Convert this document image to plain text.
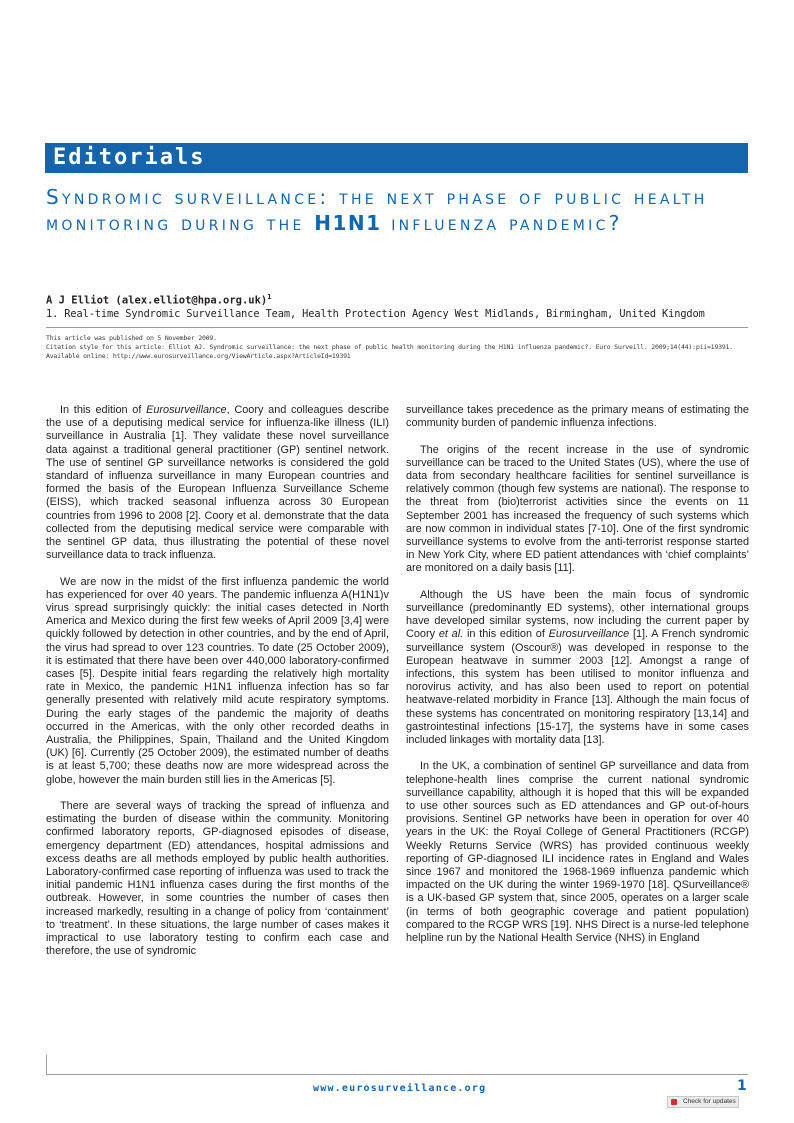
Editorials
Syndromic surveillance: the next phase of public health monitoring during the H1N1 influenza pandemic?

A J Elliot (alex.elliot@hpa.org.uk)$^1$

1. Real-time Syndromic Surveillance Team, Health Protection Agency West Midlands, Birmingham, United Kingdom

This article was published on 5 November 2009.

Citation style for this article: Elliot AJ. Syndromic surveillance: the next phase of public health monitoring during the H1N1 influenza pandemic?. Euro Surveill. 2009;14(44):pii=19391. Available online: http://www.eurosurveillance.org/ViewArticle.aspx?ArticleId=19391

In this edition of Eurosurveillance, Coory and colleagues describe the use of a deputising medical service for influenza-like illness (ILI) surveillance in Australia [1]. They validate these novel surveillance data against a traditional general practitioner (GP) sentinel network. The use of sentinel GP surveillance networks is considered the gold standard of influenza surveillance in many European countries and formed the basis of the European Influenza Surveillance Scheme (EISS), which tracked seasonal influenza across 30 European countries from 1996 to 2008 [2]. Coory et al. demonstrate that the data collected from the deputising medical service were comparable with the sentinel GP data, thus illustrating the potential of these novel surveillance data to track influenza.

We are now in the midst of the first influenza pandemic the world has experienced for over 40 years. The pandemic influenza A(H1N1)v virus spread surprisingly quickly: the initial cases detected in North America and Mexico during the first few weeks of April 2009 [3,4] were quickly followed by detection in other countries, and by the end of April, the virus had spread to over 123 countries. To date (25 October 2009), it is estimated that there have been over 440,000 laboratory-confirmed cases [5]. Despite initial fears regarding the relatively high mortality rate in Mexico, the pandemic H1N1 influenza infection has so far generally presented with relatively mild acute respiratory symptoms. During the early stages of the pandemic the majority of deaths occurred in the Americas, with the only other recorded deaths in Australia, the Philippines, Spain, Thailand and the United Kingdom (UK) [6]. Currently (25 October 2009), the estimated number of deaths is at least 5,700; these deaths now are more widespread across the globe, however the main burden still lies in the Americas [5].

There are several ways of tracking the spread of influenza and estimating the burden of disease within the community. Monitoring confirmed laboratory reports, GP-diagnosed episodes of disease, emergency department (ED) attendances, hospital admissions and excess deaths are all methods employed by public health authorities. Laboratory-confirmed case reporting of influenza was used to track the initial pandemic H1N1 influenza cases during the first months of the outbreak. However, in some countries the number of cases then increased markedly, resulting in a change of policy from ‘containment’ to ‘treatment’. In these situations, the large number of cases makes it impractical to use laboratory testing to confirm each case and therefore, the use of syndromic

surveillance takes precedence as the primary means of estimating the community burden of pandemic influenza infections.

The origins of the recent increase in the use of syndromic surveillance can be traced to the United States (US), where the use of data from secondary healthcare facilities for sentinel surveillance is relatively common (though few systems are national). The response to the threat from (bio)terrorist activities since the events on 11 September 2001 has increased the frequency of such systems which are now common in individual states [7-10]. One of the first syndromic surveillance systems to evolve from the anti-terrorist response started in New York City, where ED patient attendances with ‘chief complaints’ are monitored on a daily basis [11].

Although the US have been the main focus of syndromic surveillance (predominantly ED systems), other international groups have developed similar systems, now including the current paper by Coory et al. in this edition of Eurosurveillance [1]. A French syndromic surveillance system (Oscour®) was developed in response to the European heatwave in summer 2003 [12]. Amongst a range of infections, this system has been utilised to monitor influenza and norovirus activity, and has also been used to report on potential heatwave-related morbidity in France [13]. Although the main focus of these systems has concentrated on monitoring respiratory [13,14] and gastrointestinal infections [15-17], the systems have in some cases included linkages with mortality data [13].

In the UK, a combination of sentinel GP surveillance and data from telephone-health lines comprise the current national syndromic surveillance capability, although it is hoped that this will be expanded to use other sources such as ED attendances and GP out-of-hours provisions. Sentinel GP networks have been in operation for over 40 years in the UK: the Royal College of General Practitioners (RCGP) Weekly Returns Service (WRS) has provided continuous weekly reporting of GP-diagnosed ILI incidence rates in England and Wales since 1967 and monitored the 1968-1969 influenza pandemic which impacted on the UK during the winter 1969-1970 [18]. QSurveillance® is a UK-based GP system that, since 2005, operates on a larger scale (in terms of both geographic coverage and patient population) compared to the RCGP WRS [19]. NHS Direct is a nurse-led telephone helpline run by the National Health Service (NHS) in England

www.eurosurveillance.org	1

Check for updates
